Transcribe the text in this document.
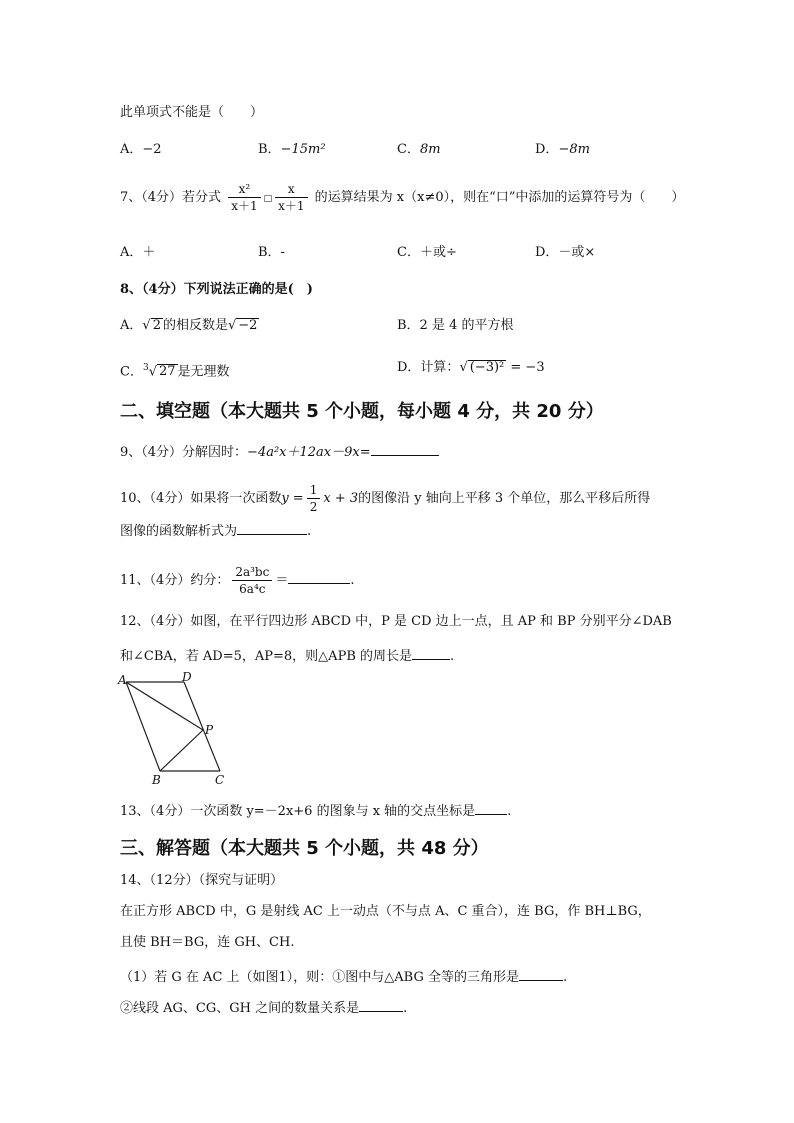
此单项式不能是（　　）
A．−2	B．−15m²	C．8m	D．−8m
7、（4分）若分式 $\frac{\text{x²}}{x+1}$ □ $\frac{x}{x+1}$ 的运算结果为 x（x≠0），则在“口”中添加的运算符号为（　　）
A．＋	B．-	C．＋或÷	D．－或×
8、（4分）下列说法正确的是(　)
A．√ 2 的相反数是√ −2	B．2 是 4 的平方根
C．$^3$√ 27 是无理数	D．计算：√ (−3)² = −3
二、填空题（本大题共 5 个小题，每小题 4 分，共 20 分）
9、（4分）分解因时：−4a²x＋12ax－9x=
10、（4分）如果将一次函数$y = \frac{1}{2}$ x + 3的图像沿 y 轴向上平移 3 个单位，那么平移后所得
图像的函数解析式为	.
11、（4分）约分： $\frac{\text{2a³bc}}{\text{6a⁴c}}$ ＝	.
12、（4分）如图，在平行四边形 ABCD 中，P 是 CD 边上一点，且 AP 和 BP 分别平分∠DAB
和∠CBA，若 AD=5，AP=8，则△APB 的周长是	.
A	D
P
B	C
13、（4分）一次函数 y=－2x+6 的图象与 x 轴的交点坐标是 .
三、解答题（本大题共 5 个小题，共 48 分）
14、（12分）（探究与证明）
在正方形 ABCD 中，G 是射线 AC 上一动点（不与点 A、C 重合），连 BG，作 BH⊥BG，
且使 BH＝BG，连 GH、CH.
（1）若 G 在 AC 上（如图1），则：①图中与△ABG 全等的三角形是	.
②线段 AG、CG、GH 之间的数量关系是	.
